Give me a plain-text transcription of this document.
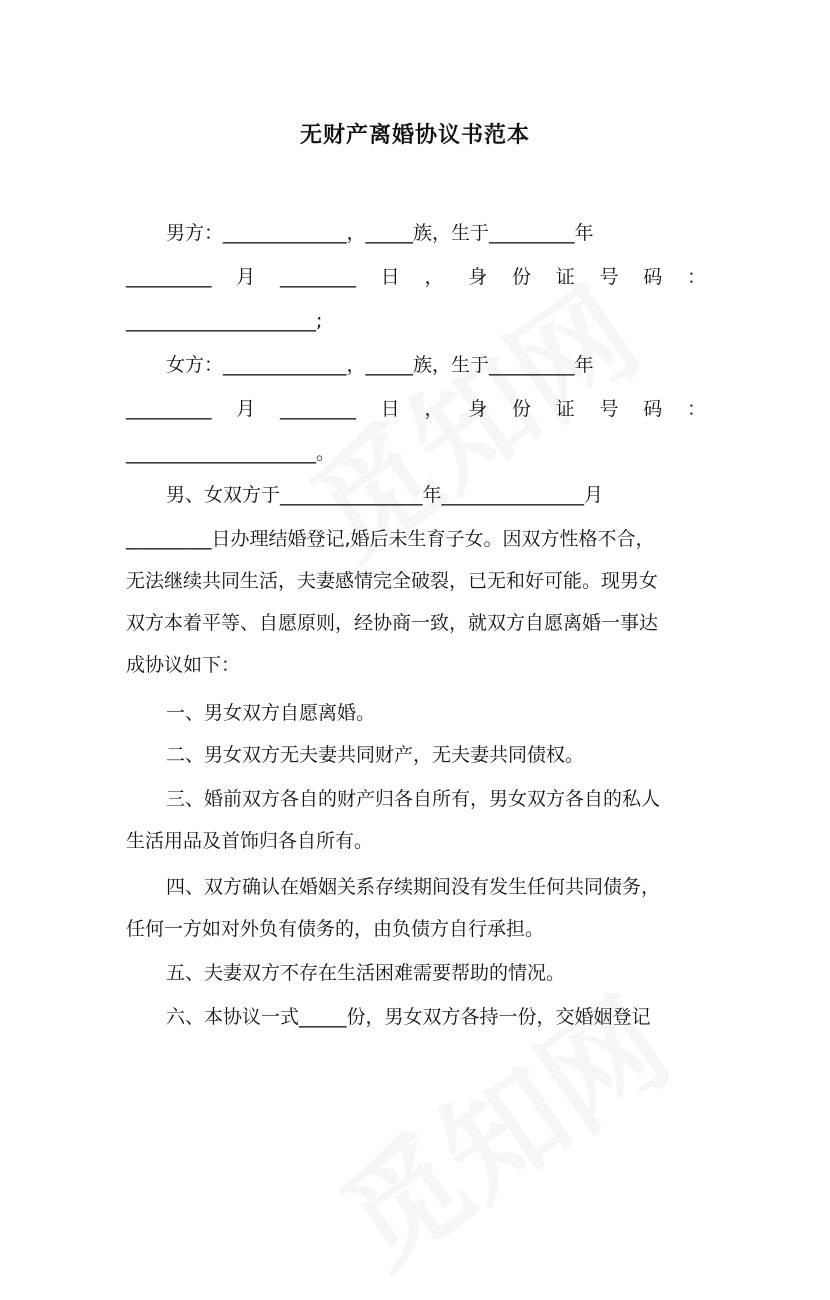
无财产离婚协议书范本
男方：_____________，_____族，生于_________年
_________ 月 ________ 日 ， 身 份 证 号 码 ：
____________________;
女方：_____________，_____族，生于_________年
_________ 月 ________ 日 ， 身 份 证 号 码 ：
____________________。
男、女双方于_______________年_______________月
_________日办理结婚登记,婚后未生育子女。因双方性格不合，
无法继续共同生活，夫妻感情完全破裂，已无和好可能。现男女
双方本着平等、自愿原则，经协商一致，就双方自愿离婚一事达
成协议如下：
一、男女双方自愿离婚。
二、男女双方无夫妻共同财产，无夫妻共同债权。
三、婚前双方各自的财产归各自所有，男女双方各自的私人
生活用品及首饰归各自所有。
四、双方确认在婚姻关系存续期间没有发生任何共同债务，
任何一方如对外负有债务的，由负债方自行承担。
五、夫妻双方不存在生活困难需要帮助的情况。
六、本协议一式_____份，男女双方各持一份，交婚姻登记
